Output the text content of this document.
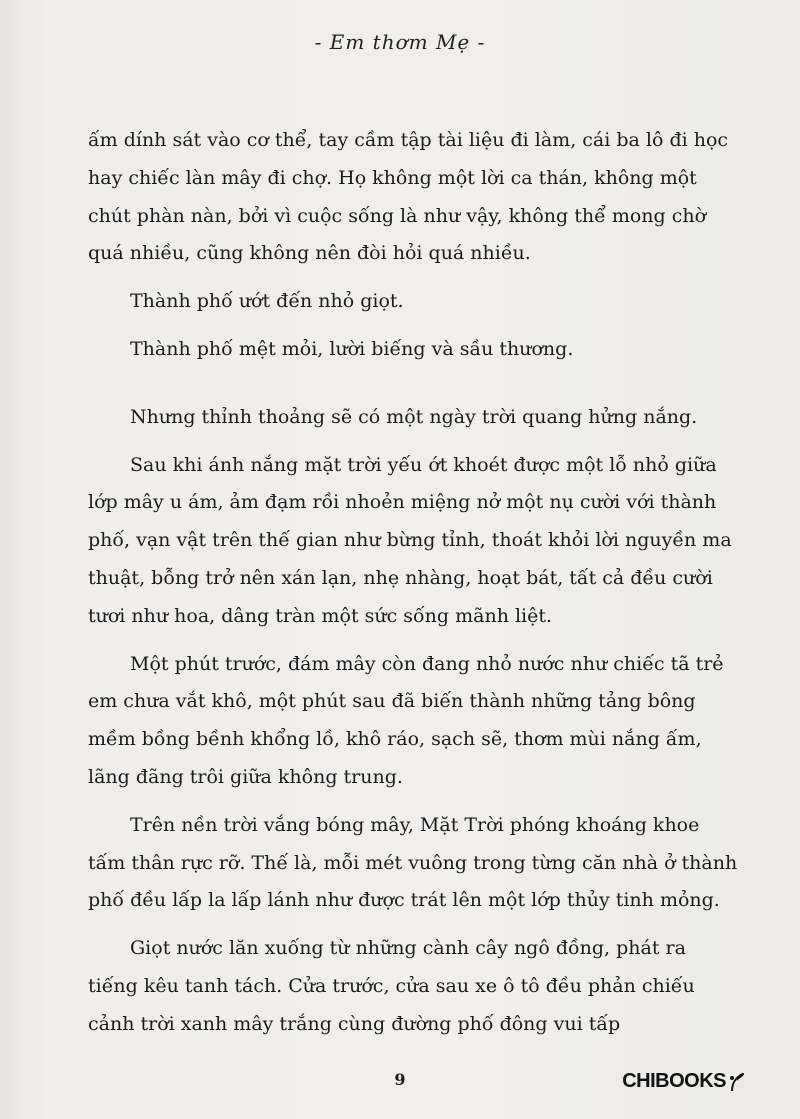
- Em thơm Mẹ -

ấm dính sát vào cơ thể, tay cầm tập tài liệu đi làm, cái ba lô đi học hay chiếc làn mây đi chợ. Họ không một lời ca thán, không một chút phàn nàn, bởi vì cuộc sống là như vậy, không thể mong chờ quá nhiều, cũng không nên đòi hỏi quá nhiều.

Thành phố ướt đến nhỏ giọt.

Thành phố mệt mỏi, lười biếng và sầu thương.

Nhưng thỉnh thoảng sẽ có một ngày trời quang hửng nắng.

Sau khi ánh nắng mặt trời yếu ớt khoét được một lỗ nhỏ giữa lớp mây u ám, ảm đạm rồi nhoẻn miệng nở một nụ cười với thành phố, vạn vật trên thế gian như bừng tỉnh, thoát khỏi lời nguyền ma thuật, bỗng trở nên xán lạn, nhẹ nhàng, hoạt bát, tất cả đều cười tươi như hoa, dâng tràn một sức sống mãnh liệt.

Một phút trước, đám mây còn đang nhỏ nước như chiếc tã trẻ em chưa vắt khô, một phút sau đã biến thành những tảng bông mềm bồng bềnh khổng lồ, khô ráo, sạch sẽ, thơm mùi nắng ấm, lãng đãng trôi giữa không trung.

Trên nền trời vắng bóng mây, Mặt Trời phóng khoáng khoe tấm thân rực rỡ. Thế là, mỗi mét vuông trong từng căn nhà ở thành phố đều lấp la lấp lánh như được trát lên một lớp thủy tinh mỏng.

Giọt nước lăn xuống từ những cành cây ngô đồng, phát ra tiếng kêu tanh tách. Cửa trước, cửa sau xe ô tô đều phản chiếu cảnh trời xanh mây trắng cùng đường phố đông vui tấp

9	CHIBOOKS
